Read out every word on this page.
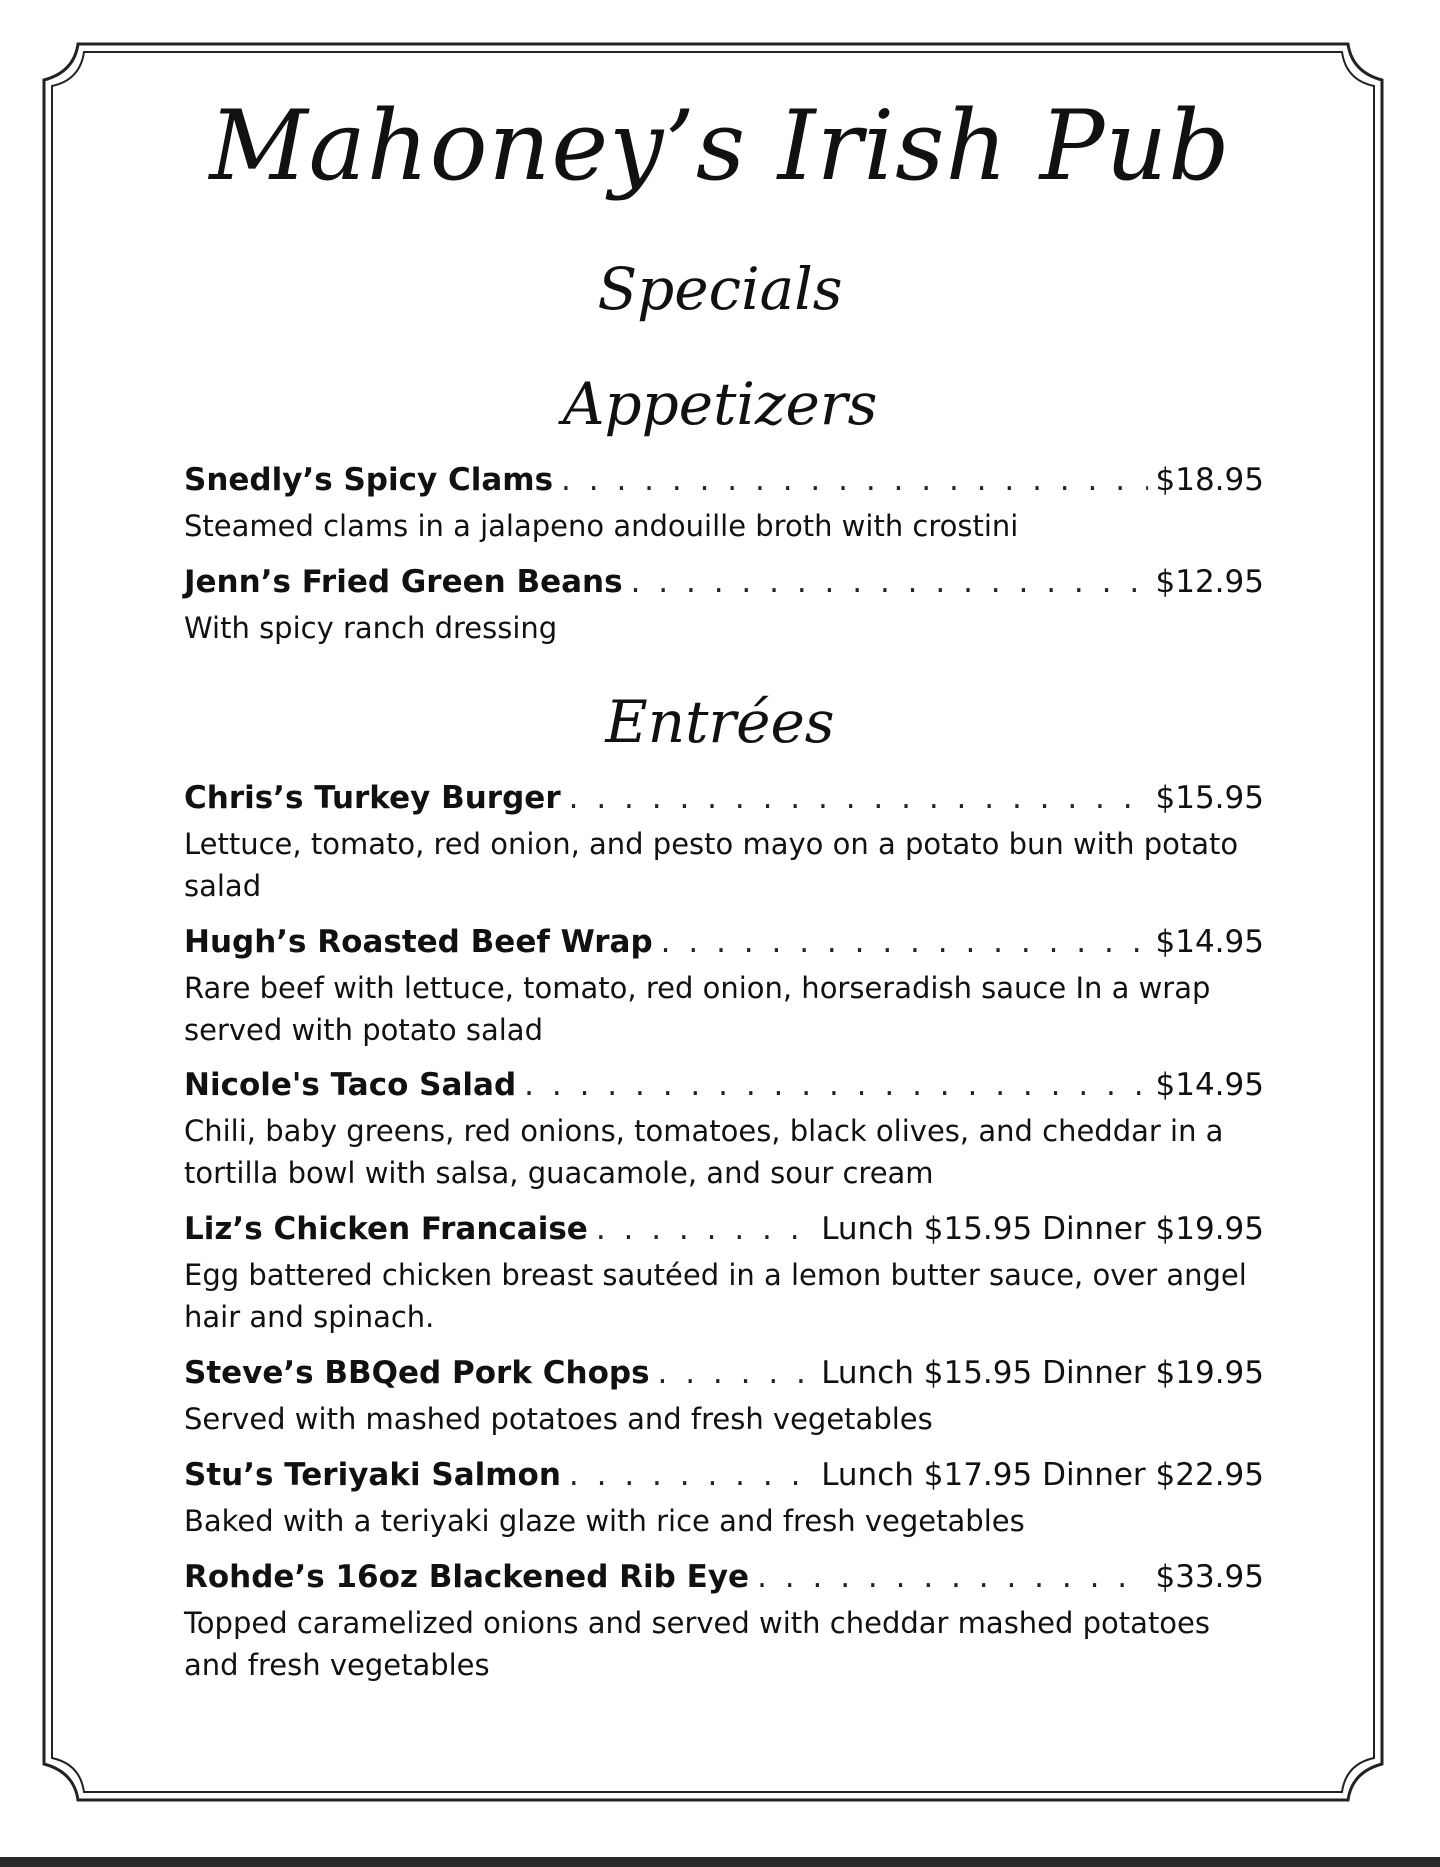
Mahoney’s Irish Pub
Specials
Appetizers
Snedly’s Spicy Clams . . .	$18.95
Steamed clams in a jalapeno andouille broth with crostini
Jenn’s Fried Green Beans . . .	$12.95
With spicy ranch dressing
Entrées
Chris’s Turkey Burger . . .	$15.95
Lettuce, tomato, red onion, and pesto mayo on a potato bun with potato salad
Hugh’s Roasted Beef Wrap . . .	$14.95
Rare beef with lettuce, tomato, red onion, horseradish sauce In a wrap served with potato salad
Nicole's Taco Salad . . .	$14.95
Chili, baby greens, red onions, tomatoes, black olives, and cheddar in a tortilla bowl with salsa, guacamole, and sour cream
Liz’s Chicken Francaise . . .	Lunch $15.95 Dinner $19.95
Egg battered chicken breast sautéed in a lemon butter sauce, over angel hair and spinach.
Steve’s BBQed Pork Chops . . .	Lunch $15.95 Dinner $19.95
Served with mashed potatoes and fresh vegetables
Stu’s Teriyaki Salmon . . .	Lunch $17.95 Dinner $22.95
Baked with a teriyaki glaze with rice and fresh vegetables
Rohde’s 16oz Blackened Rib Eye . . .	$33.95
Topped caramelized onions and served with cheddar mashed potatoes and fresh vegetables
